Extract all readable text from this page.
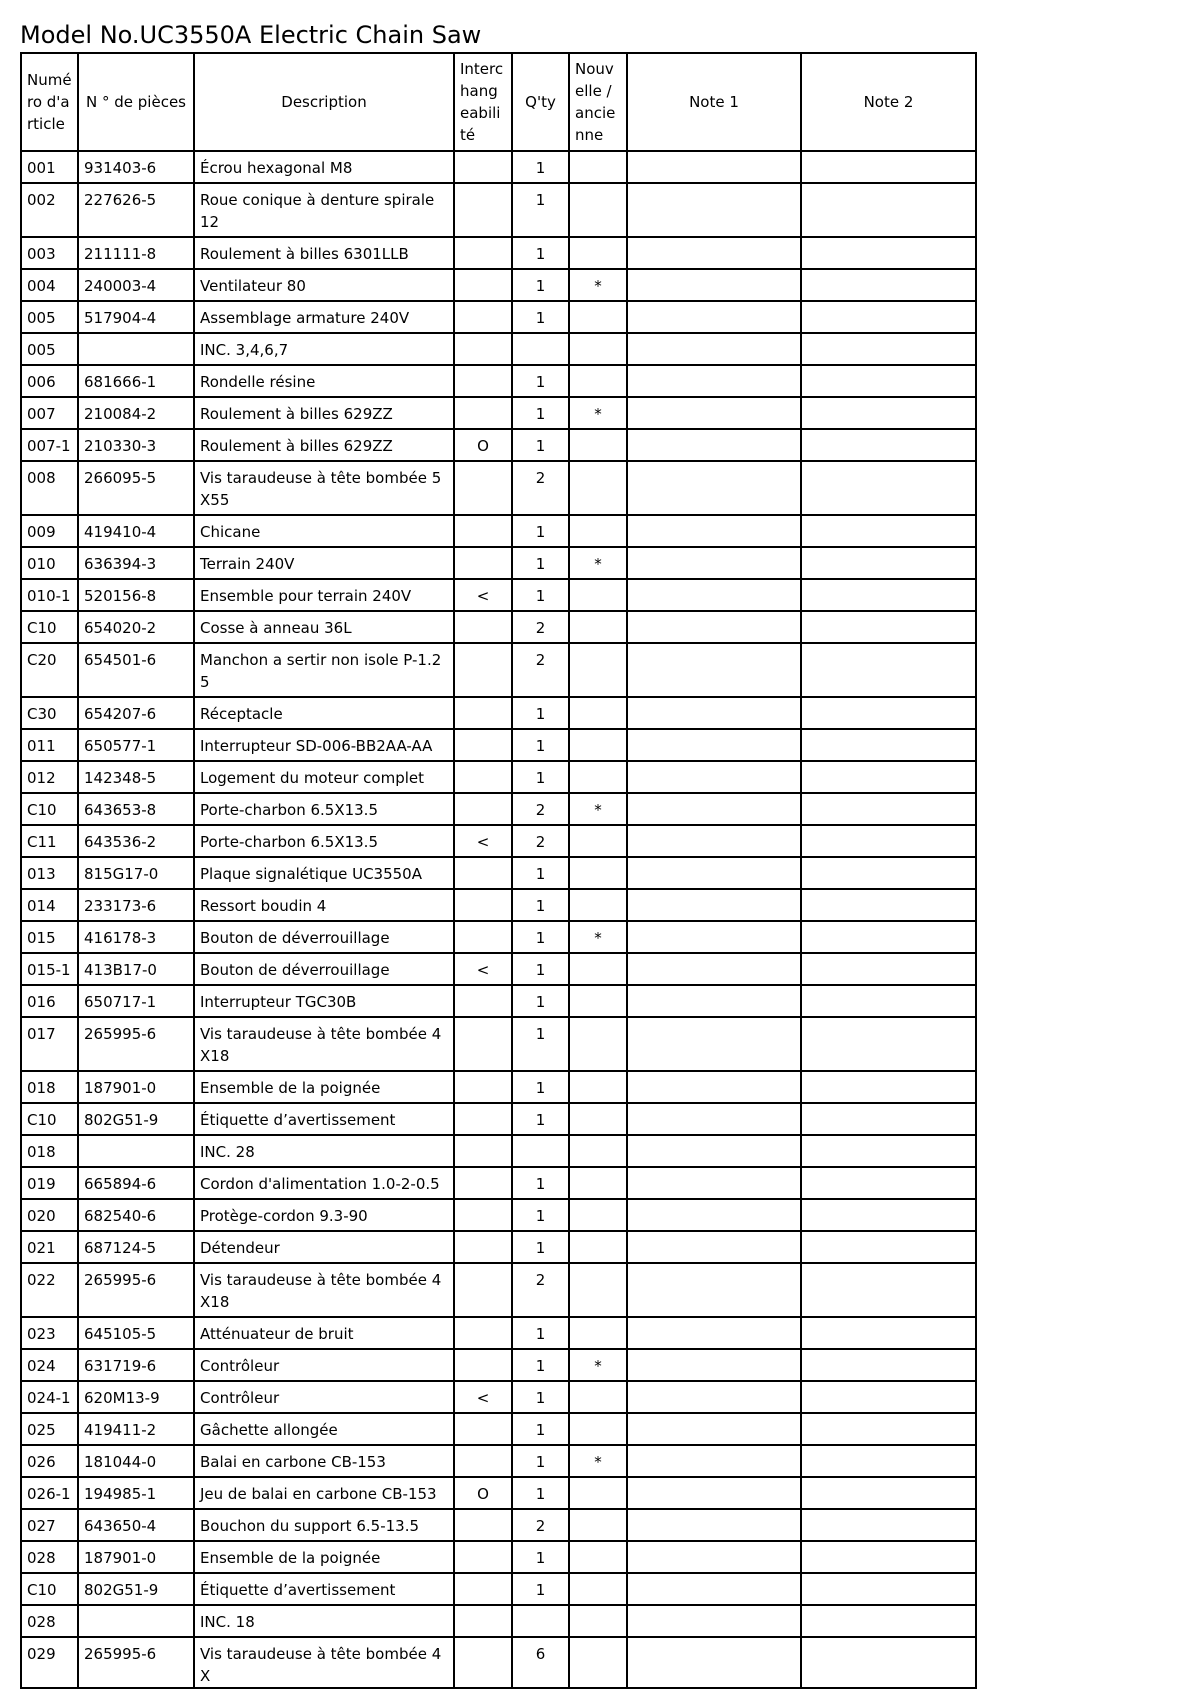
Model No.UC3550A Electric Chain Saw
Numéro d'article	N ° de pièces	Description	Interchangeabilité	Q'ty	Nouvelle / ancienne	Note 1	Note 2
001	931403-6	Écrou hexagonal M8		1			
002	227626-5	Roue conique à denture spirale 12		1			
003	211111-8	Roulement à billes 6301LLB		1			
004	240003-4	Ventilateur 80		1	*		
005	517904-4	Assemblage armature 240V		1			
005		INC. 3,4,6,7					
006	681666-1	Rondelle résine		1			
007	210084-2	Roulement à billes 629ZZ		1	*		
007-1	210330-3	Roulement à billes 629ZZ	O	1			
008	266095-5	Vis taraudeuse à tête bombée 5X55		2			
009	419410-4	Chicane		1			
010	636394-3	Terrain 240V		1	*		
010-1	520156-8	Ensemble pour terrain 240V	<	1			
C10	654020-2	Cosse à anneau 36L		2			
C20	654501-6	Manchon a sertir non isole P-1.25		2			
C30	654207-6	Réceptacle		1			
011	650577-1	Interrupteur SD-006-BB2AA-AA		1			
012	142348-5	Logement du moteur complet		1			
C10	643653-8	Porte-charbon 6.5X13.5		2	*		
C11	643536-2	Porte-charbon 6.5X13.5	<	2			
013	815G17-0	Plaque signalétique UC3550A		1			
014	233173-6	Ressort boudin 4		1			
015	416178-3	Bouton de déverrouillage		1	*		
015-1	413B17-0	Bouton de déverrouillage	<	1			
016	650717-1	Interrupteur TGC30B		1			
017	265995-6	Vis taraudeuse à tête bombée 4X18		1			
018	187901-0	Ensemble de la poignée		1			
C10	802G51-9	Étiquette d’avertissement		1			
018		INC. 28					
019	665894-6	Cordon d'alimentation 1.0-2-0.5		1			
020	682540-6	Protège-cordon 9.3-90		1			
021	687124-5	Détendeur		1			
022	265995-6	Vis taraudeuse à tête bombée 4X18		2			
023	645105-5	Atténuateur de bruit		1			
024	631719-6	Contrôleur		1	*		
024-1	620M13-9	Contrôleur	<	1			
025	419411-2	Gâchette allongée		1			
026	181044-0	Balai en carbone CB-153		1	*		
026-1	194985-1	Jeu de balai en carbone CB-153	O	1			
027	643650-4	Bouchon du support 6.5-13.5		2			
028	187901-0	Ensemble de la poignée		1			
C10	802G51-9	Étiquette d’avertissement		1			
028		INC. 18					
029	265995-6	Vis taraudeuse à tête bombée 4X		6			
